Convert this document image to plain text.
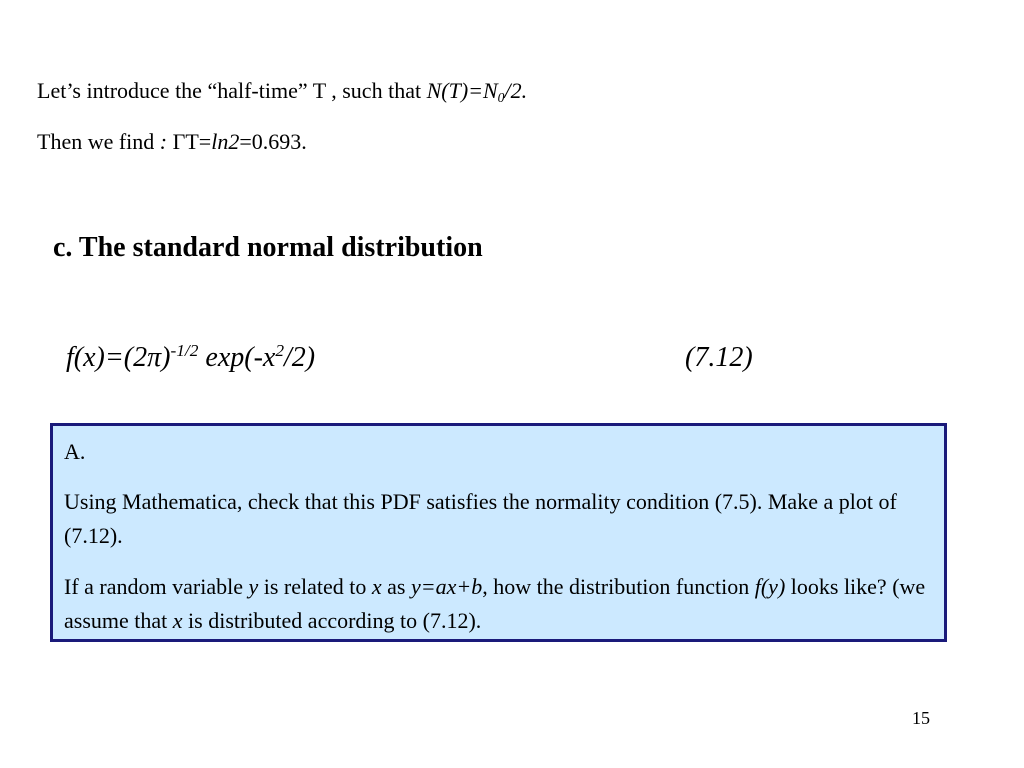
Let’s introduce the “half-time” T , such that $N(T)=N_0/2$.
Then we find : ΓT=ln2=0.693.
c. The standard normal distribution
$f(x)=(2\pi)^{-1/2}$ $\exp(-x^2/2)$	(7.12)

A.

Using Mathematica, check that this PDF satisfies the normality condition (7.5). Make a plot of (7.12).

If a random variable y is related to x as y=ax+b, how the distribution function f(y) looks like? (we assume that x is distributed according to (7.12).

15
